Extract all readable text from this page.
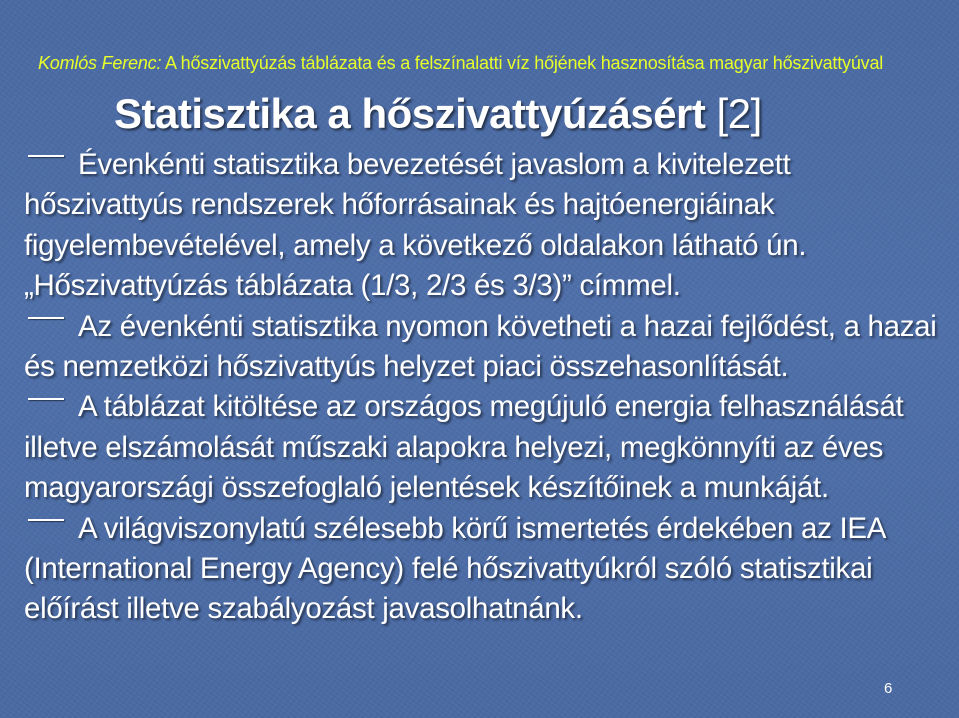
Komlós Ferenc: A hőszivattyúzás táblázata és a felszínalatti víz hőjének hasznosítása magyar hőszivattyúval
Statisztika a hőszivattyúzásért [2]
Évenkénti statisztika bevezetését javaslom a kivitelezett hőszivattyús rendszerek hőforrásainak és hajtóenergiáinak figyelembevételével, amely a következő oldalakon látható ún. „Hőszivattyúzás táblázata (1/3, 2/3 és 3/3)” címmel.
Az évenkénti statisztika nyomon követheti a hazai fejlődést, a hazai és nemzetközi hőszivattyús helyzet piaci összehasonlítását.
A táblázat kitöltése az országos megújuló energia felhasználását illetve elszámolását műszaki alapokra helyezi, megkönnyíti az éves magyarországi összefoglaló jelentések készítőinek a munkáját.
A világviszonylatú szélesebb körű ismertetés érdekében az IEA (International Energy Agency) felé hőszivattyúkról szóló statisztikai előírást illetve szabályozást javasolhatnánk.
6
